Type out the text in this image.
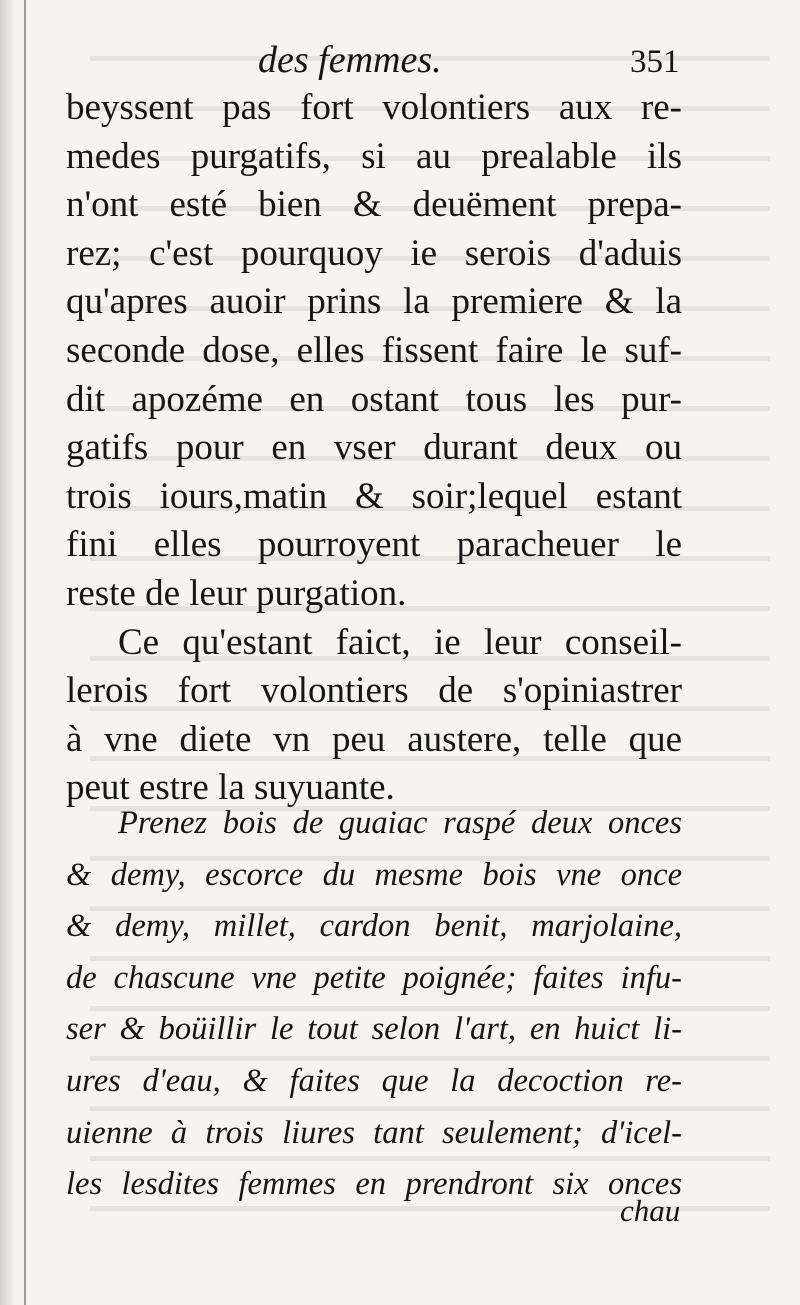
des femmes.	351
beyssent pas fort volontiers aux re-
medes purgatifs, si au prealable ils
n'ont esté bien & deuëment prepa-
rez; c'est pourquoy ie serois d'aduis
qu'apres auoir prins la premiere & la
seconde dose, elles fissent faire le suf-
dit apozéme en ostant tous les pur-
gatifs pour en vser durant deux ou
trois iours,matin & soir;lequel estant
fini elles pourroyent paracheuer le
reste de leur purgation.
Ce qu'estant faict, ie leur conseil-
lerois fort volontiers de s'opiniastrer
à vne diete vn peu austere, telle que
peut estre la suyuante.
Prenez bois de guaiac raspé deux onces
& demy, escorce du mesme bois vne once
& demy, millet, cardon benit, marjolaine,
de chascune vne petite poignée; faites infu-
ser & boüillir le tout selon l'art, en huict li-
ures d'eau, & faites que la decoction re-
uienne à trois liures tant seulement; d'icel-
les lesdites femmes en prendront six onces
chau
